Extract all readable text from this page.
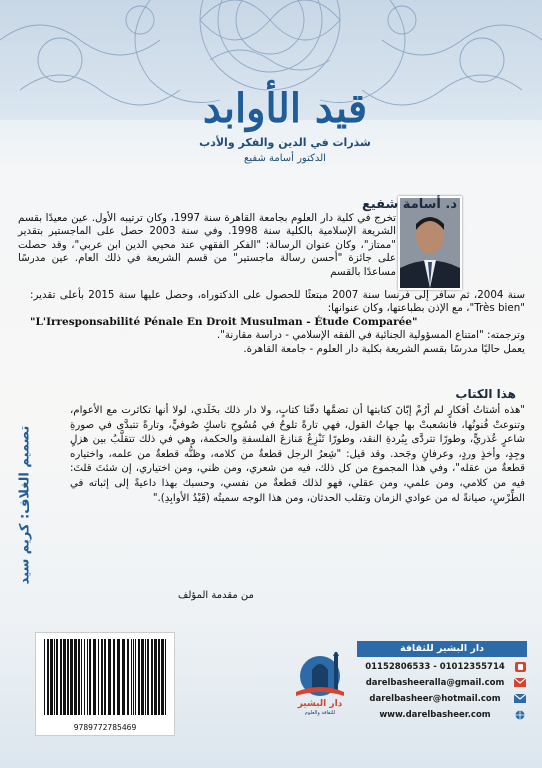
قيد الأوابد
شذرات في الدين والفكر والأدب
الدكتور أسامة شفيع
د. أسامة شفيع
تخرج في كلية دار العلوم بجامعة القاهرة سنة 1997، وكان ترتيبه الأول. عين معيدًا بقسم الشريعة الإسلامية بالكلية سنة 1998. وفي سنة 2003 حصل على الماجستير بتقدير "ممتاز"، وكان عنوان الرسالة: "الفكر الفقهي عند محيي الدين ابن عربي"، وقد حصلت على جائزة "أحسن رسالة ماجستير" من قسم الشريعة في ذلك العام. عين مدرسًا مساعدًا بالقسم
سنة 2004، ثم سافر إلى فرنسا سنة 2007 مبتعثًا للحصول على الدكتوراه، وحصل عليها سنة 2015 بأعلى تقدير: "Très bien"، مع الإذن بطباعتها، وكان عنوانها:
"L'Irresponsabilité Pénale En Droit Musulman - Étude Comparée"
وترجمته: "امتناع المسؤولية الجنائية في الفقه الإسلامي - دراسة مقارنة".
يعمل حاليًا مدرسًا بقسم الشريعة بكلية دار العلوم - جامعة القاهرة.
هذا الكتاب
"هذه أشتاتُ أفكارٍ لم أرُمْ إبّانَ كتابتها أن تضمَّها دفّتا كتابٍ، ولا دار ذلك بخَلَدي، لولا أنها تكاثرت مع الأعوام، وتنوعتْ فُنونُها، فانشعبتْ بها جهاتُ القول، فهي تارةً تلوحُ في مُسُوحِ ناسكٍ صُوفيٍّ، وتارةً تتبدَّى في صورةِ شاعرٍ عُذريٍّ، وطورًا تتردَّى بِبُردةِ النقد، وطورًا تَنْزِعُ مَنازعَ الفلسفةِ والحكمة، وهي في ذلك تتقلَّبُ بين هزلٍ وجِدٍ، وأخذٍ وردٍ، وعرفانٍ وجَحد. وقد قيل: "شِعرُ الرجل قطعةٌ من كلامه، وظنُّه قطعةٌ من علمه، واختياره قطعةٌ من عقله"، وفي هذا المجموع من كل ذلك، فيه من شعري، ومن ظني، ومن اختياري، إن شئتَ قلتَ: فيه من كلامي، ومن علمي، ومن عقلي، فهو لذلك قطعةٌ من نفسي، وحسبك بهذا داعيةً إلى إثباته في الطِّرْسِ، صيانةً له من عوادي الزمان وتقلب الحدثان، ومن هذا الوجه سميتُه (قَيْدُ الأوابِدِ)."
من مقدمة المؤلف
تصميم الغلاف: كريم سيد
9789772785469
دار البشير
للثقافة والعلوم
دار البشير للثقافة
01152806533 - 01012355714
darelbasheeralla@gmail.com
darelbasheer@hotmail.com
www.darelbasheer.com
